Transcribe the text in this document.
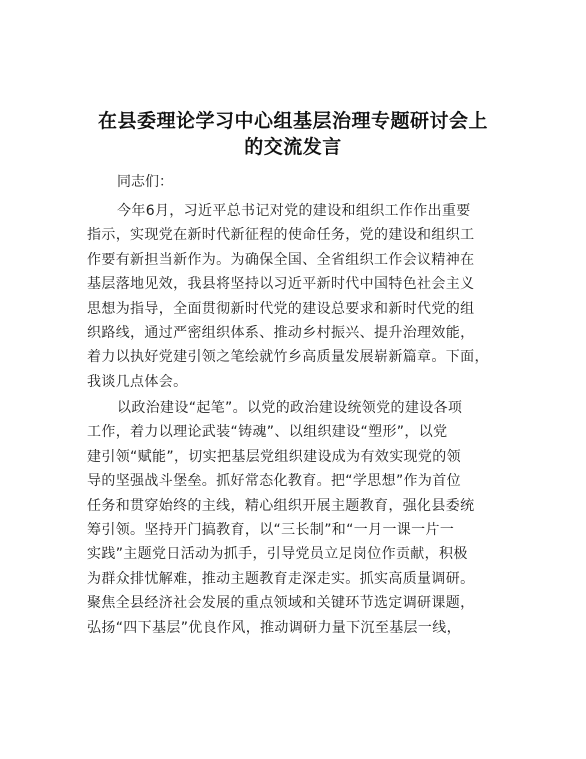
在县委理论学习中心组基层治理专题研讨会上
的交流发言
同志们：
今年6月，习近平总书记对党的建设和组织工作作出重要
指示，实现党在新时代新征程的使命任务，党的建设和组织工
作要有新担当新作为。为确保全国、全省组织工作会议精神在
基层落地见效，我县将坚持以习近平新时代中国特色社会主义
思想为指导，全面贯彻新时代党的建设总要求和新时代党的组
织路线，通过严密组织体系、推动乡村振兴、提升治理效能，
着力以执好党建引领之笔绘就竹乡高质量发展崭新篇章。下面，
我谈几点体会。
以政治建设“起笔”。以党的政治建设统领党的建设各项
工作，着力以理论武装“铸魂”、以组织建设“塑形”，以党
建引领“赋能”，切实把基层党组织建设成为有效实现党的领
导的坚强战斗堡垒。抓好常态化教育。把“学思想”作为首位
任务和贯穿始终的主线，精心组织开展主题教育，强化县委统
筹引领。坚持开门搞教育，以“三长制”和“一月一课一片一
实践”主题党日活动为抓手，引导党员立足岗位作贡献，积极
为群众排忧解难，推动主题教育走深走实。抓实高质量调研。
聚焦全县经济社会发展的重点领域和关键环节选定调研课题，
弘扬“四下基层”优良作风，推动调研力量下沉至基层一线，
